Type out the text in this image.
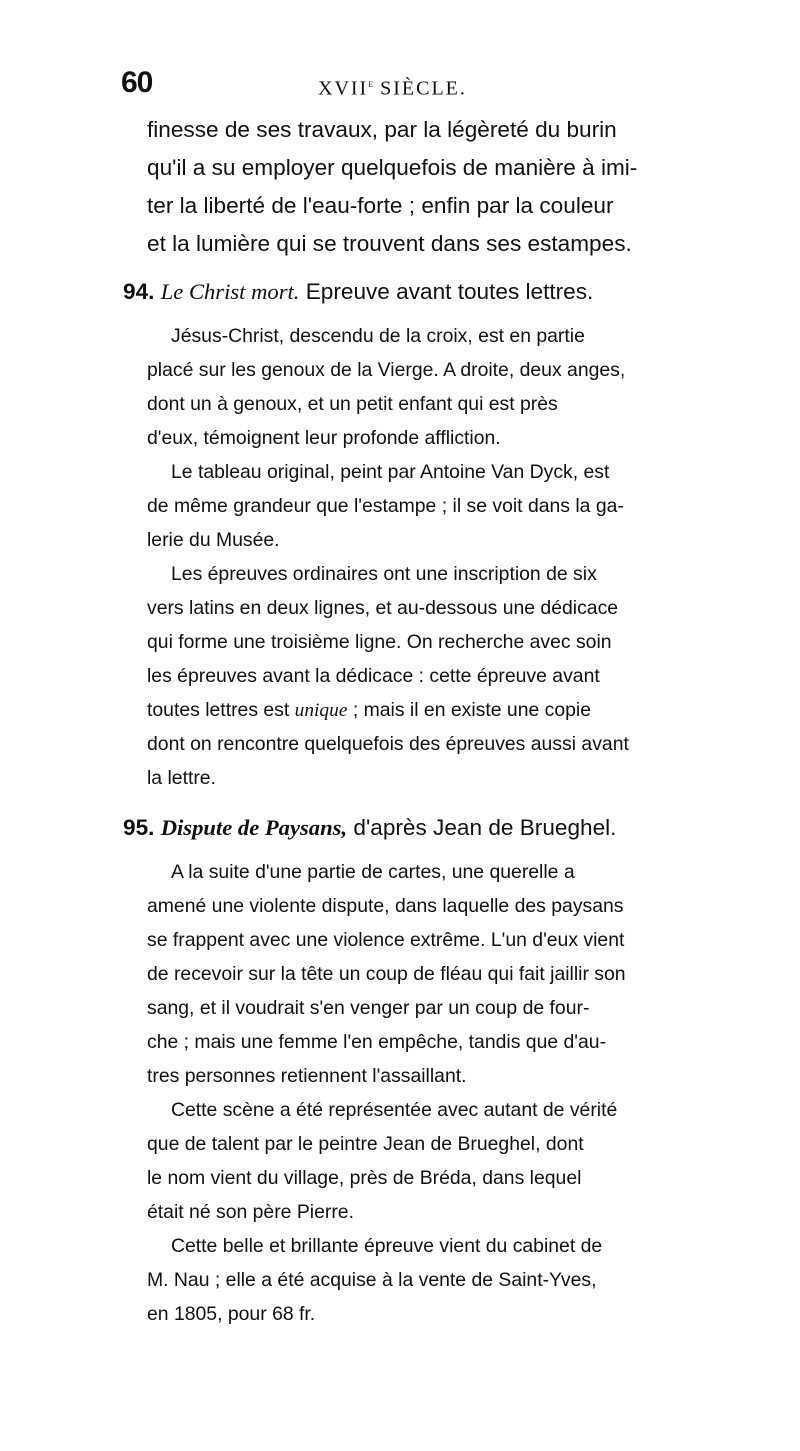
60	XVIIe SIÈCLE.
finesse de ses travaux, par la légèreté du burin
qu'il a su employer quelquefois de manière à imi-
ter la liberté de l'eau-forte ; enfin par la couleur
et la lumière qui se trouvent dans ses estampes.
94. Le Christ mort. Epreuve avant toutes lettres.
Jésus-Christ, descendu de la croix, est en partie
placé sur les genoux de la Vierge. A droite, deux anges,
dont un à genoux, et un petit enfant qui est près
d'eux, témoignent leur profonde affliction.
Le tableau original, peint par Antoine Van Dyck, est
de même grandeur que l'estampe ; il se voit dans la ga-
lerie du Musée.
Les épreuves ordinaires ont une inscription de six
vers latins en deux lignes, et au-dessous une dédicace
qui forme une troisième ligne. On recherche avec soin
les épreuves avant la dédicace : cette épreuve avant
toutes lettres est unique ; mais il en existe une copie
dont on rencontre quelquefois des épreuves aussi avant
la lettre.
95. Dispute de Paysans, d'après Jean de Brueghel.
A la suite d'une partie de cartes, une querelle a
amené une violente dispute, dans laquelle des paysans
se frappent avec une violence extrême. L'un d'eux vient
de recevoir sur la tête un coup de fléau qui fait jaillir son
sang, et il voudrait s'en venger par un coup de four-
che ; mais une femme l'en empêche, tandis que d'au-
tres personnes retiennent l'assaillant.
Cette scène a été représentée avec autant de vérité
que de talent par le peintre Jean de Brueghel, dont
le nom vient du village, près de Bréda, dans lequel
était né son père Pierre.
Cette belle et brillante épreuve vient du cabinet de
M. Nau ; elle a été acquise à la vente de Saint-Yves,
en 1805, pour 68 fr.
